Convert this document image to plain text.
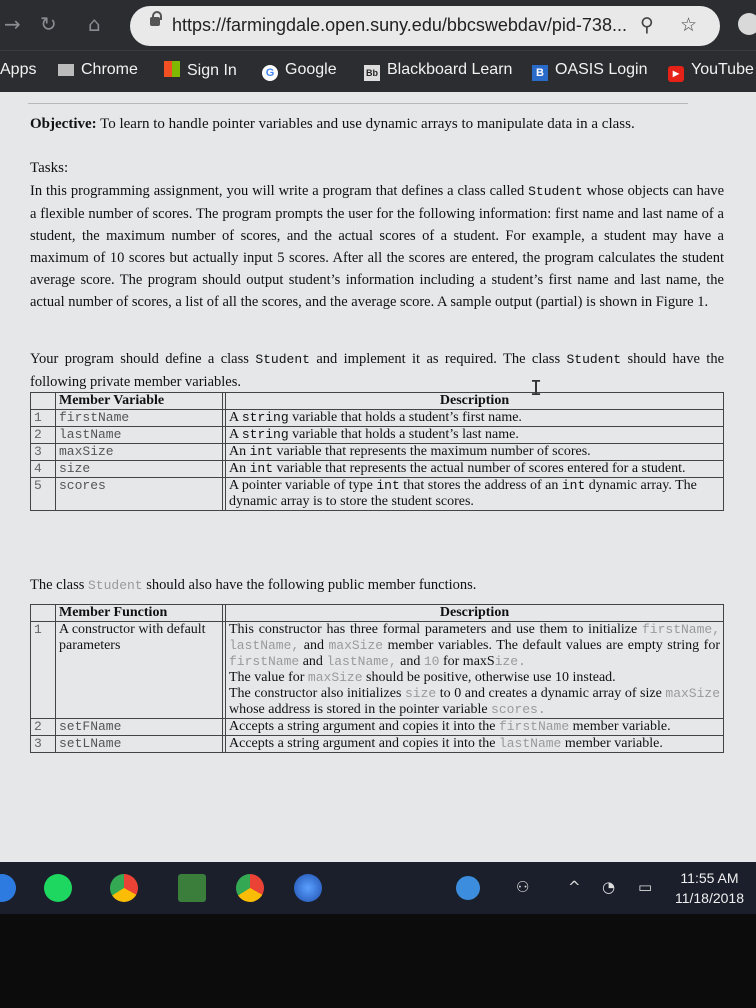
→ ↻ ⌂	https://farmingdale.open.suny.edu/bbcswebdav/pid-738... ⚲ ☆
Apps	Chrome	Sign In	G Google	Bb Blackboard Learn	B OASIS Login	▶ YouTube
Objective: To learn to handle pointer variables and use dynamic arrays to manipulate data in a class.
Tasks:
In this programming assignment, you will write a program that defines a class called Student whose objects can have a flexible number of scores. The program prompts the user for the following information: first name and last name of a student, the maximum number of scores, and the actual scores of a student. For example, a student may have a maximum of 10 scores but actually input 5 scores. After all the scores are entered, the program calculates the student average score. The program should output student’s information including a student’s first name and last name, the actual number of scores, a list of all the scores, and the average score. A sample output (partial) is shown in Figure 1.
Your program should define a class Student and implement it as required. The class Student should have the following private member variables.	I
	Member Variable		Description
1	firstName		A string variable that holds a student’s first name.
2	lastName		A string variable that holds a student’s last name.
3	maxSize		An int variable that represents the maximum number of scores.
4	size		An int variable that represents the actual number of scores entered for a student.
5	scores		A pointer variable of type int that stores the address of an int dynamic array. The dynamic array is to store the student scores.
The class Student should also have the following public member functions.
	Member Function		Description
1	A constructor with default parameters		This constructor has three formal parameters and use them to initialize firstName, lastName, and maxSize member variables. The default values are empty string for firstName and lastName, and 10 for maxSize.
The value for maxSize should be positive, otherwise use 10 instead.
The constructor also initializes size to 0 and creates a dynamic array of size maxSize whose address is stored in the pointer variable scores.

2	setFName		Accepts a string argument and copies it into the firstName member variable.
3	setLName		Accepts a string argument and copies it into the lastName member variable.
⚇	^ ◔ ▭	11:55 AM
11/18/2018
